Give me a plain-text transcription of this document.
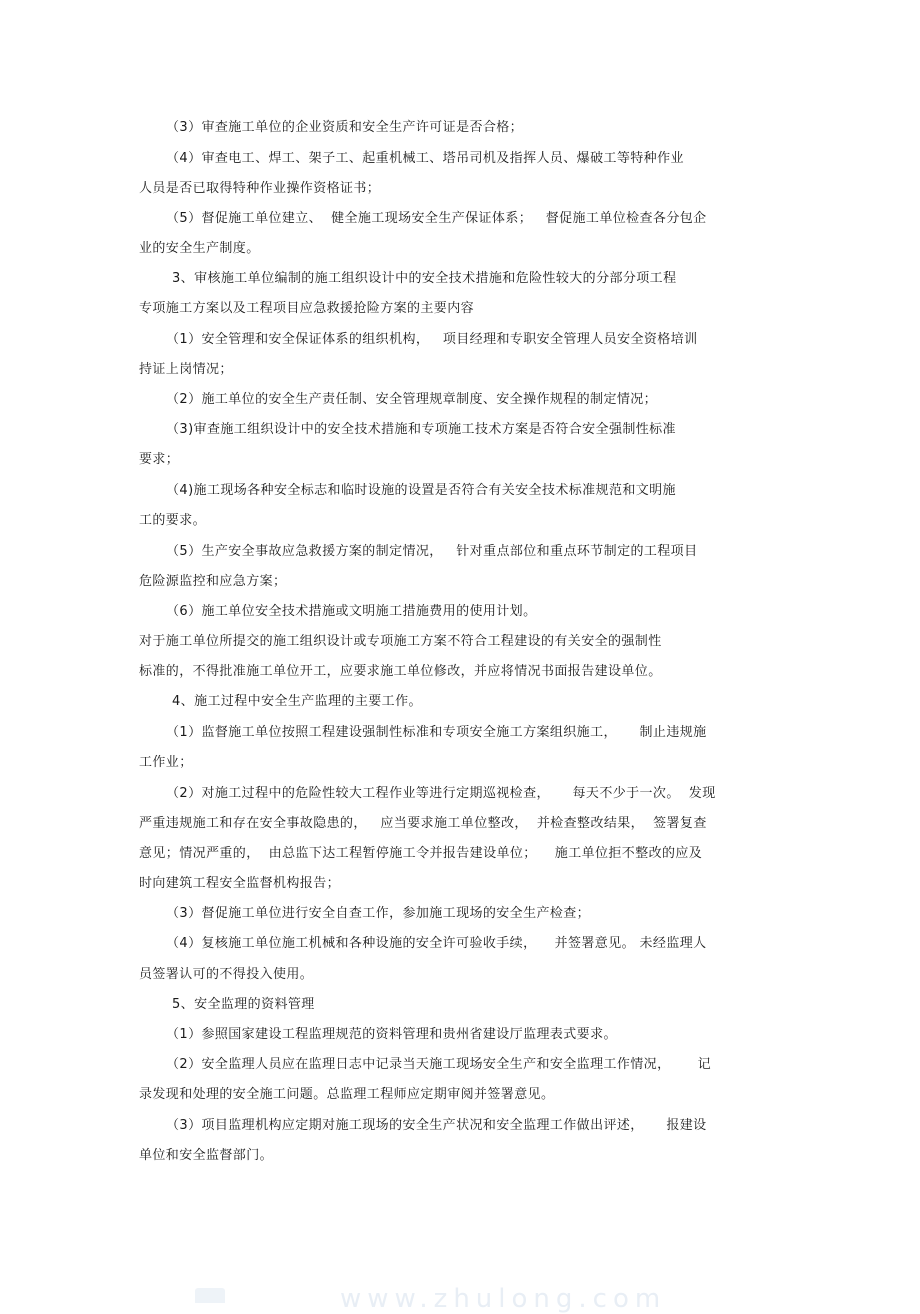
（3）审查施工单位的企业资质和安全生产许可证是否合格；
（4）审查电工、焊工、架子工、起重机械工、塔吊司机及指挥人员、爆破工等特种作业
人员是否已取得特种作业操作资格证书；
（5）督促施工单位建立、  健全施工现场安全生产保证体系；   督促施工单位检查各分包企
业的安全生产制度。
3、审核施工单位编制的施工组织设计中的安全技术措施和危险性较大的分部分项工程
专项施工方案以及工程项目应急救援抢险方案的主要内容
（1）安全管理和安全保证体系的组织机构，   项目经理和专职安全管理人员安全资格培训
持证上岗情况；
（2）施工单位的安全生产责任制、安全管理规章制度、安全操作规程的制定情况；
（3)审查施工组织设计中的安全技术措施和专项施工技术方案是否符合安全强制性标准
要求；
（4)施工现场各种安全标志和临时设施的设置是否符合有关安全技术标准规范和文明施
工的要求。
（5）生产安全事故应急救援方案的制定情况，   针对重点部位和重点环节制定的工程项目
危险源监控和应急方案；
（6）施工单位安全技术措施或文明施工措施费用的使用计划。
对于施工单位所提交的施工组织设计或专项施工方案不符合工程建设的有关安全的强制性
标准的，不得批准施工单位开工，应要求施工单位修改，并应将情况书面报告建设单位。
4、施工过程中安全生产监理的主要工作。
（1）监督施工单位按照工程建设强制性标准和专项安全施工方案组织施工，     制止违规施
工作业；
（2）对施工过程中的危险性较大工程作业等进行定期巡视检查，     每天不少于一次。  发现
严重违规施工和存在安全事故隐患的，   应当要求施工单位整改，  并检查整改结果，  签署复查
意见；情况严重的，  由总监下达工程暂停施工令并报告建设单位；    施工单位拒不整改的应及
时向建筑工程安全监督机构报告；
（3）督促施工单位进行安全自查工作，参加施工现场的安全生产检查；
（4）复核施工单位施工机械和各种设施的安全许可验收手续，    并签署意见。 未经监理人
员签署认可的不得投入使用。
5、安全监理的资料管理
（1）参照国家建设工程监理规范的资料管理和贵州省建设厅监理表式要求。
（2）安全监理人员应在监理日志中记录当天施工现场安全生产和安全监理工作情况，      记
录发现和处理的安全施工问题。总监理工程师应定期审阅并签署意见。
（3）项目监理机构应定期对施工现场的安全生产状况和安全监理工作做出评述，     报建设
单位和安全监督部门。
www.zhulong.com
